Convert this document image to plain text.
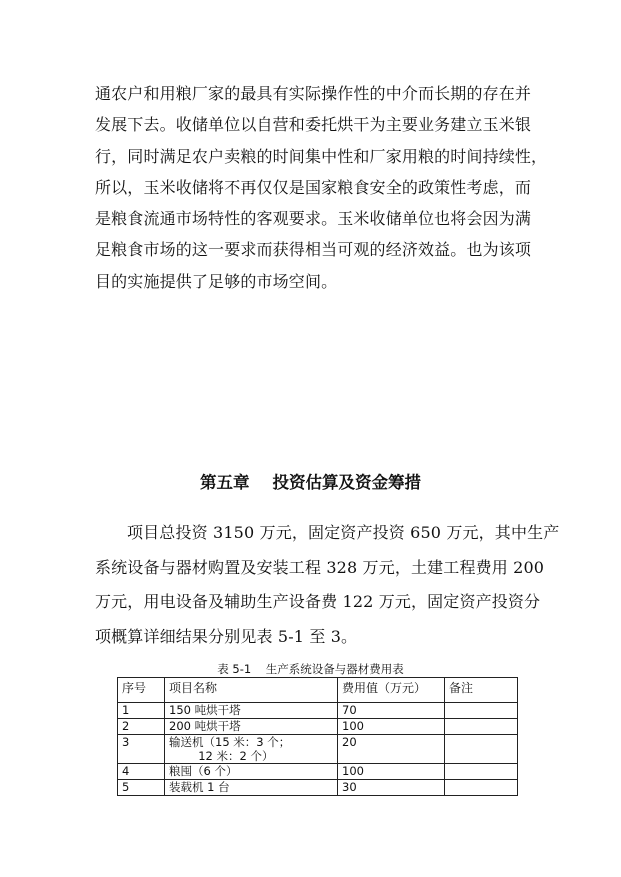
通农户和用粮厂家的最具有实际操作性的中介而长期的存在并
发展下去。收储单位以自营和委托烘干为主要业务建立玉米银
行，同时满足农户卖粮的时间集中性和厂家用粮的时间持续性，
所以，玉米收储将不再仅仅是国家粮食安全的政策性考虑，而
是粮食流通市场特性的客观要求。玉米收储单位也将会因为满
足粮食市场的这一要求而获得相当可观的经济效益。也为该项
目的实施提供了足够的市场空间。
第五章    投资估算及资金筹措
项目总投资 3150 万元，固定资产投资 650 万元，其中生产
系统设备与器材购置及安装工程 328 万元，土建工程费用 200
万元，用电设备及辅助生产设备费 122 万元，固定资产投资分
项概算详细结果分别见表 5-1 至 3。
表 5-1    生产系统设备与器材费用表
序号	项目名称	费用值（万元）	备注
1	150 吨烘干塔	70	
2	200 吨烘干塔	100	
3	输送机（15 米：3 个；
12 米：2 个）	20	
4	粮囤（6 个）	100	
5	装载机 1 台	30	
